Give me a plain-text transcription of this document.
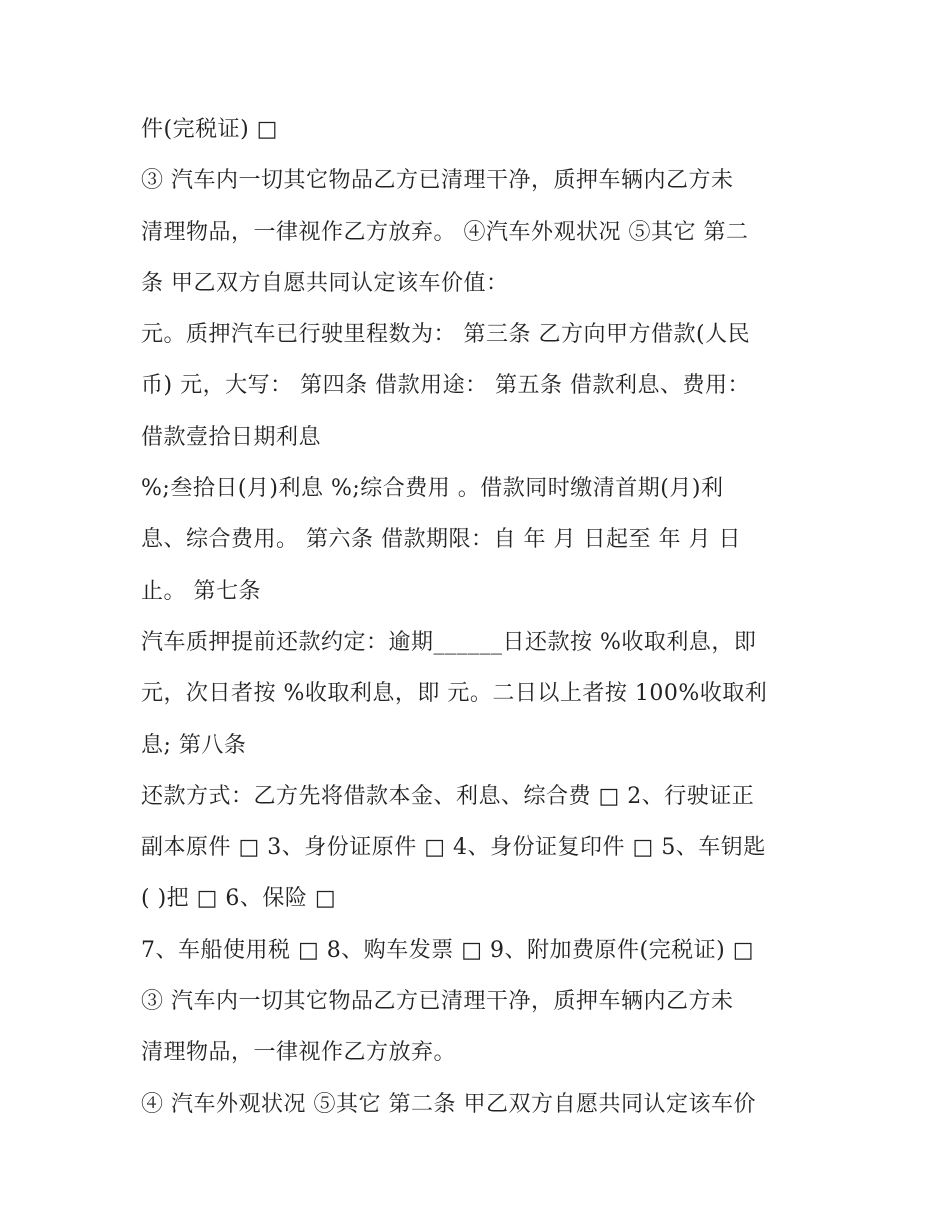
件(完税证) □
③ 汽车内一切其它物品乙方已清理干净，质押车辆内乙方未
清理物品，一律视作乙方放弃。 ④汽车外观状况 ⑤其它 第二
条 甲乙双方自愿共同认定该车价值：
元。质押汽车已行驶里程数为： 第三条 乙方向甲方借款(人民
币) 元，大写： 第四条 借款用途： 第五条 借款利息、费用：
借款壹拾日期利息
%;叁拾日(月)利息 %;综合费用 。借款同时缴清首期(月)利
息、综合费用。 第六条 借款期限：自 年 月 日起至 年 月 日
止。 第七条
汽车质押提前还款约定：逾期______日还款按 %收取利息，即
元，次日者按 %收取利息，即 元。二日以上者按 100%收取利
息; 第八条
还款方式：乙方先将借款本金、利息、综合费 □ 2、行驶证正
副本原件 □ 3、身份证原件 □ 4、身份证复印件 □ 5、车钥匙
( )把 □ 6、保险 □
7、车船使用税 □ 8、购车发票 □ 9、附加费原件(完税证) □
③ 汽车内一切其它物品乙方已清理干净，质押车辆内乙方未
清理物品，一律视作乙方放弃。
④ 汽车外观状况 ⑤其它 第二条 甲乙双方自愿共同认定该车价
